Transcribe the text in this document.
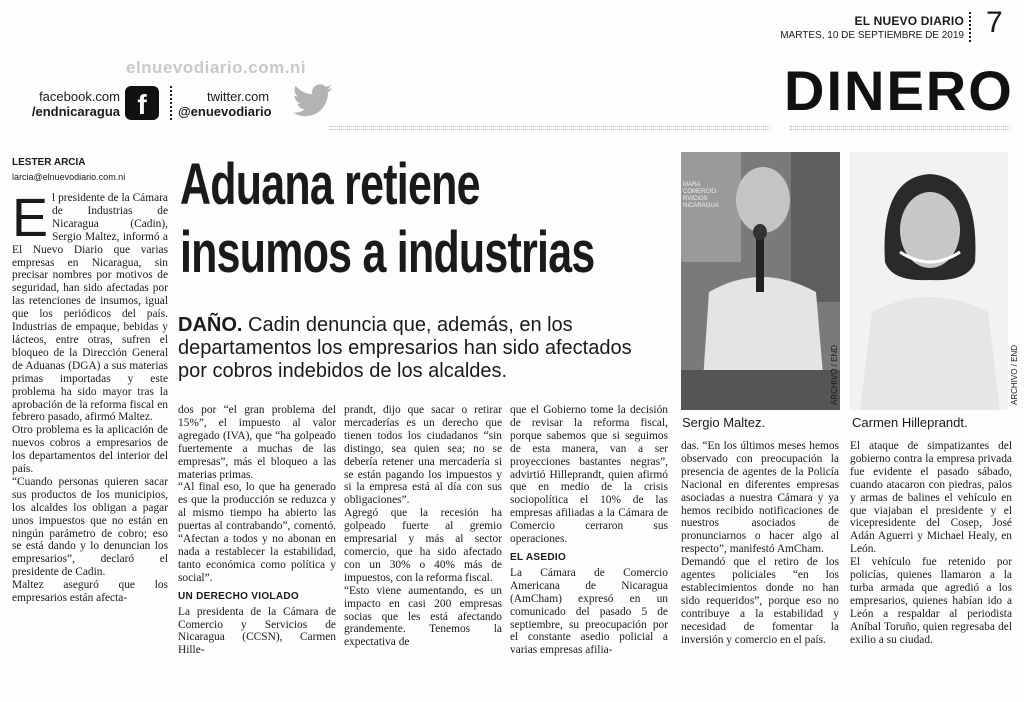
EL NUEVO DIARIO
MARTES, 10 DE SEPTIEMBRE DE 2019 7
elnuevodiario.com.ni
facebook.com
/endnicaragua f	twitter.com
@enuevodiario	DINERO
LESTER ARCIA
larcia@elnuevodiario.com.ni Aduana retiene
insumos a industrias
DAÑO. Cadin denuncia que, además, en los departamentos los empresarios han sido afectados por cobros indebidos de los alcaldes.
MARA COMERCIO RVICIOS NICARAGUA
ARCHIVO / END
Sergio Maltez.
ARCHIVO / END
Carmen Hilleprandt.
E l presidente de la Cámara de Industrias de Nicaragua (Cadin), Sergio Maltez, informó a El Nuevo Diario que varias empresas en Nicaragua, sin precisar nombres por motivos de seguridad, han sido afectadas por las retenciones de insumos, igual que los periódicos del país. Industrias de empaque, bebidas y lácteos, entre otras, sufren el bloqueo de la Dirección General de Aduanas (DGA) a sus materias primas importadas y este problema ha sido mayor tras la aprobación de la reforma fiscal en febrero pasado, afirmó Maltez.

Otro problema es la aplicación de nuevos cobros a empresarios de los departamentos del interior del país.

“Cuando personas quieren sacar sus productos de los municipios, los alcaldes los obligan a pagar unos impuestos que no están en ningún parámetro de cobro; eso se está dando y lo denuncian los empresarios”, declaró el presidente de Cadin.

Maltez aseguró que los empresarios están afecta-

dos por “el gran problema del 15%”, el impuesto al valor agregado (IVA), que “ha golpeado fuertemente a muchas de las empresas”, más el bloqueo a las materias primas.

“Al final eso, lo que ha generado es que la producción se reduzca y al mismo tiempo ha abierto las puertas al contrabando”, comentó. “Afectan a todos y no abonan en nada a restablecer la estabilidad, tanto económica como política y social”.

UN DERECHO VIOLADO

La presidenta de la Cámara de Comercio y Servicios de Nicaragua (CCSN), Carmen Hille-

prandt, dijo que sacar o retirar mercaderías es un derecho que tienen todos los ciudadanos “sin distingo, sea quien sea; no se debería retener una mercadería si se están pagando los impuestos y si la empresa está al día con sus obligaciones”.

Agregó que la recesión ha golpeado fuerte al gremio empresarial y más al sector comercio, que ha sido afectado con un 30% o 40% más de impuestos, con la reforma fiscal.

“Esto viene aumentando, es un impacto en casi 200 empresas socias que les está afectando grandemente. Tenemos la expectativa de

que el Gobierno tome la decisión de revisar la reforma fiscal, porque sabemos que si seguimos de esta manera, van a ser proyecciones bastantes negras”, advirtió Hilleprandt, quien afirmó que en medio de la crisis sociopolítica el 10% de las empresas afiliadas a la Cámara de Comercio cerraron sus operaciones.

EL ASEDIO

La Cámara de Comercio Americana de Nicaragua (AmCham) expresó en un comunicado del pasado 5 de septiembre, su preocupación por el constante asedio policial a varias empresas afilia-

das. “En los últimos meses hemos observado con preocupación la presencia de agentes de la Policía Nacional en diferentes empresas asociadas a nuestra Cámara y ya hemos recibido notificaciones de nuestros asociados de pronunciarnos o hacer algo al respecto”, manifestó AmCham.

Demandó que el retiro de los agentes policiales “en los establecimientos donde no han sido requeridos”, porque eso no contribuye a la estabilidad y necesidad de fomentar la inversión y comercio en el país.

El ataque de simpatizantes del gobierno contra la empresa privada fue evidente el pasado sábado, cuando atacaron con piedras, palos y armas de balines el vehículo en que viajaban el presidente y el vicepresidente del Cosep, José Adán Aguerri y Michael Healy, en León.

El vehículo fue retenido por policías, quienes llamaron a la turba armada que agredió a los empresarios, quienes habían ido a León a respaldar al periodista Aníbal Toruño, quien regresaba del exilio a su ciudad.
